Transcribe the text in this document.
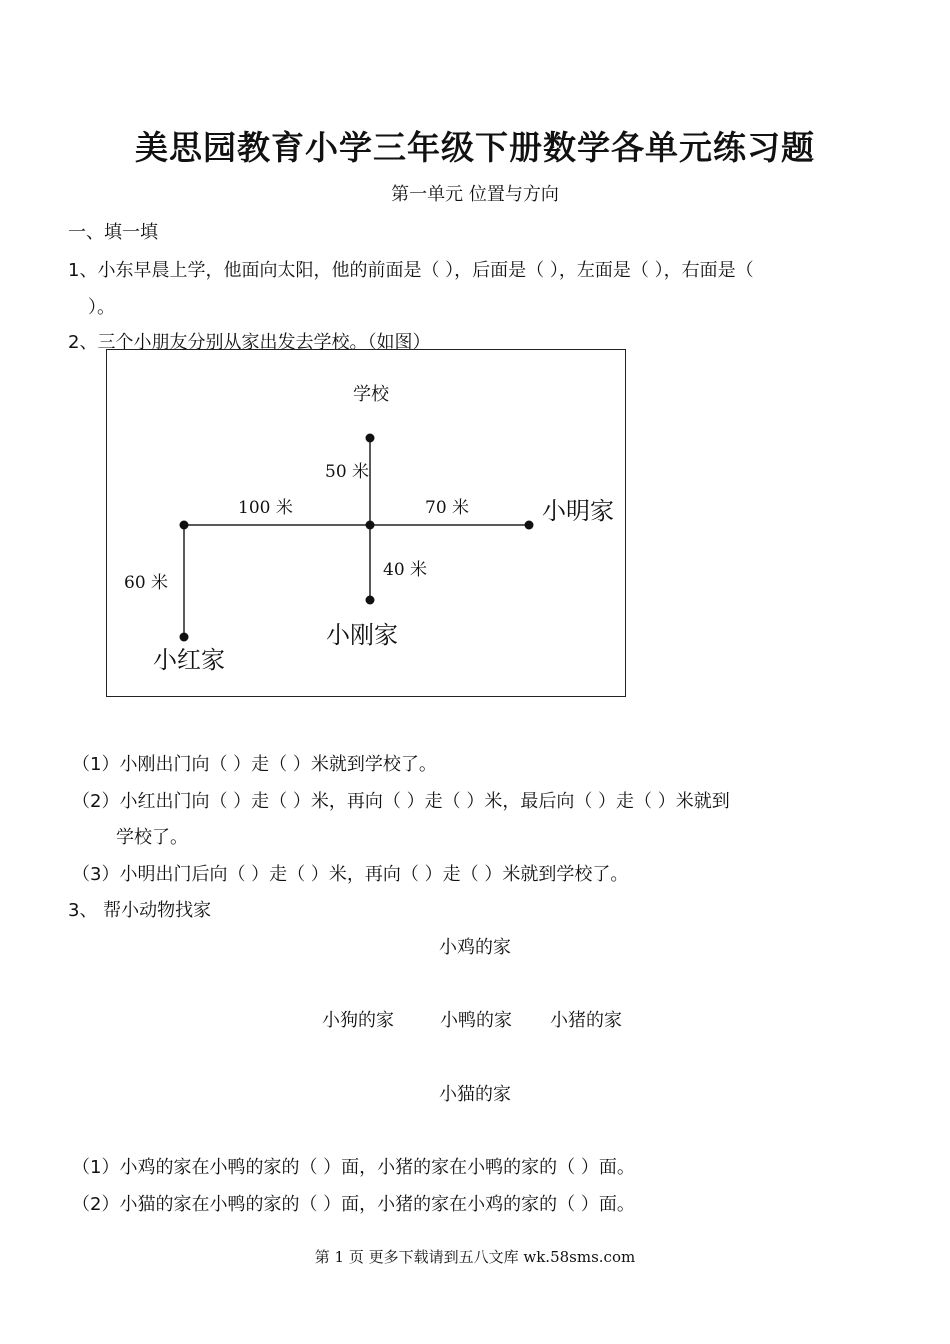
美思园教育小学三年级下册数学各单元练习题
第一单元 位置与方向
一、填一填
1、小东早晨上学，他面向太阳，他的前面是（ ），后面是（ ），左面是（ ），右面是（
）。
2、三个小朋友分别从家出发去学校。（如图）
学校
50 米
100 米	70 米
40 米
60 米
小明家
小刚家
小红家
（1）小刚出门向（ ）走（ ）米就到学校了。
（2）小红出门向（ ）走（ ）米，再向（ ）走（ ）米，最后向（ ）走（ ）米就到
学校了。
（3）小明出门后向（ ）走（ ）米，再向（ ）走（ ）米就到学校了。
3、 帮小动物找家
小鸡的家
小狗的家	小鸭的家 小猪的家
小猫的家
（1）小鸡的家在小鸭的家的（ ）面，小猪的家在小鸭的家的（ ）面。
（2）小猫的家在小鸭的家的（ ）面，小猪的家在小鸡的家的（ ）面。
第 1 页 更多下载请到五八文库 wk.58sms.com
